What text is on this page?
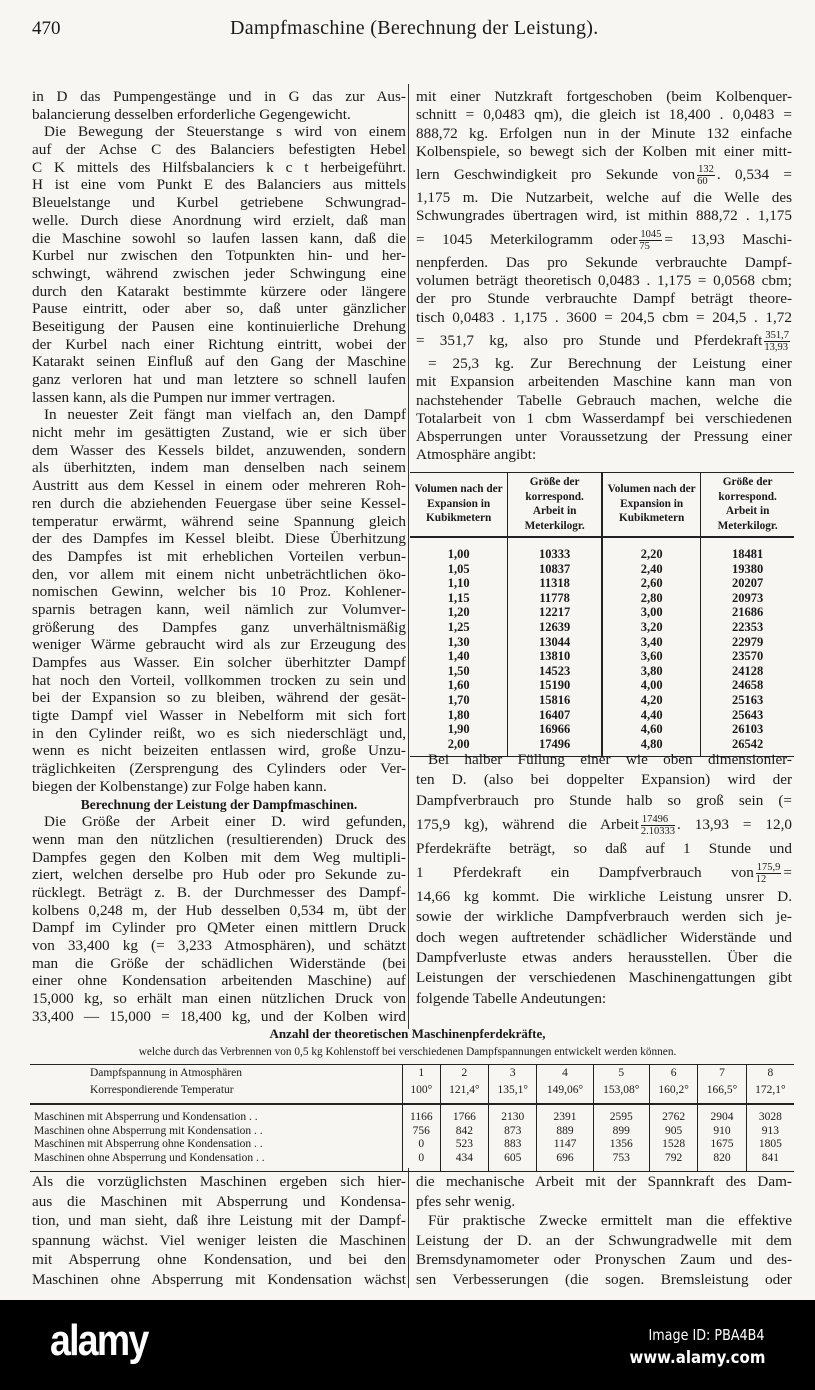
470	Dampfmaschine (Berechnung der Leistung).
in D das Pumpengestänge und in G das zur Aus-
balancierung desselben erforderliche Gegengewicht.
Die Bewegung der Steuerstange s wird von einem
auf der Achse C des Balanciers befestigten Hebel
C K mittels des Hilfsbalanciers k c t herbeigeführt.
H ist eine vom Punkt E des Balanciers aus mittels
Bleuelstange und Kurbel getriebene Schwungrad-
welle. Durch diese Anordnung wird erzielt, daß man
die Maschine sowohl so laufen lassen kann, daß die
Kurbel nur zwischen den Totpunkten hin- und her-
schwingt, während zwischen jeder Schwingung eine
durch den Katarakt bestimmte kürzere oder längere
Pause eintritt, oder aber so, daß unter gänzlicher
Beseitigung der Pausen eine kontinuierliche Drehung
der Kurbel nach einer Richtung eintritt, wobei der
Katarakt seinen Einfluß auf den Gang der Maschine
ganz verloren hat und man letztere so schnell laufen
lassen kann, als die Pumpen nur immer vertragen.
In neuester Zeit fängt man vielfach an, den Dampf
nicht mehr im gesättigten Zustand, wie er sich über
dem Wasser des Kessels bildet, anzuwenden, sondern
als überhitzten, indem man denselben nach seinem
Austritt aus dem Kessel in einem oder mehreren Roh-
ren durch die abziehenden Feuergase über seine Kessel-
temperatur erwärmt, während seine Spannung gleich
der des Dampfes im Kessel bleibt. Diese Überhitzung
des Dampfes ist mit erheblichen Vorteilen verbun-
den, vor allem mit einem nicht unbeträchtlichen öko-
nomischen Gewinn, welcher bis 10 Proz. Kohlener-
sparnis betragen kann, weil nämlich zur Volumver-
größerung des Dampfes ganz unverhältnismäßig
weniger Wärme gebraucht wird als zur Erzeugung des
Dampfes aus Wasser. Ein solcher überhitzter Dampf
hat noch den Vorteil, vollkommen trocken zu sein und
bei der Expansion so zu bleiben, während der gesät-
tigte Dampf viel Wasser in Nebelform mit sich fort
in den Cylinder reißt, wo es sich niederschlägt und,
wenn es nicht beizeiten entlassen wird, große Unzu-
träglichkeiten (Zersprengung des Cylinders oder Ver-
biegen der Kolbenstange) zur Folge haben kann.
Berechnung der Leistung der Dampfmaschinen.
Die Größe der Arbeit einer D. wird gefunden,
wenn man den nützlichen (resultierenden) Druck des
Dampfes gegen den Kolben mit dem Weg multipli-
ziert, welchen derselbe pro Hub oder pro Sekunde zu-
rücklegt. Beträgt z. B. der Durchmesser des Dampf-
kolbens 0,248 m, der Hub desselben 0,534 m, übt der
Dampf im Cylinder pro QMeter einen mittlern Druck
von 33,400 kg (= 3,233 Atmosphären), und schätzt
man die Größe der schädlichen Widerstände (bei
einer ohne Kondensation arbeitenden Maschine) auf
15,000 kg, so erhält man einen nützlichen Druck von
33,400 — 15,000 = 18,400 kg, und der Kolben wird
mit einer Nutzkraft fortgeschoben (beim Kolbenquer-
schnitt = 0,0483 qm), die gleich ist 18,400 . 0,0483 =
888,72 kg. Erfolgen nun in der Minute 132 einfache
Kolbenspiele, so bewegt sich der Kolben mit einer mitt-
lern Geschwindigkeit pro Sekunde von $\frac{132}{60}$ . 0,534 =
1,175 m. Die Nutzarbeit, welche auf die Welle des
Schwungrades übertragen wird, ist mithin 888,72 . 1,175
= 1045 Meterkilogramm oder $\frac{1045}{75} = 13,93$ Maschi-
nenpferden. Das pro Sekunde verbrauchte Dampf-
volumen beträgt theoretisch 0,0483 . 1,175 = 0,0568 cbm;
der pro Stunde verbrauchte Dampf beträgt theore-
tisch 0,0483 . 1,175 . 3600 = 204,5 cbm = 204,5 . 1,72
= 351,7 kg, also pro Stunde und Pferdekraft $\frac{351,7}{13,93}$
= 25,3 kg. Zur Berechnung der Leistung einer
mit Expansion arbeitenden Maschine kann man von
nachstehender Tabelle Gebrauch machen, welche die
Totalarbeit von 1 cbm Wasserdampf bei verschiedenen
Absperrungen unter Voraussetzung der Pressung einer
Atmosphäre angibt:
Volumen nach der Expansion in Kubikmetern	Größe der korrespond. Arbeit in Meterkilogr.	Volumen nach der Expansion in Kubikmetern	Größe der korrespond. Arbeit in Meterkilogr.
1,00	10333	2,20	18481
1,05	10837	2,40	19380
1,10	11318	2,60	20207
1,15	11778	2,80	20973
1,20	12217	3,00	21686
1,25	12639	3,20	22353
1,30	13044	3,40	22979
1,40	13810	3,60	23570
1,50	14523	3,80	24128
1,60	15190	4,00	24658
1,70	15816	4,20	25163
1,80	16407	4,40	25643
1,90	16966	4,60	26103
2,00	17496	4,80	26542
Bei halber Füllung einer wie oben dimensionier-
ten D. (also bei doppelter Expansion) wird der
Dampfverbrauch pro Stunde halb so groß sein (=
175,9 kg), während die Arbeit $\frac{17496}{2.10333}$ . 13,93 = 12,0
Pferdekräfte beträgt, so daß auf 1 Stunde und
1 Pferdekraft ein Dampfverbrauch von $\frac{175,9}{12}$ =
14,66 kg kommt. Die wirkliche Leistung unsrer D.
sowie der wirkliche Dampfverbrauch werden sich je-
doch wegen auftretender schädlicher Widerstände und
Dampfverluste etwas anders herausstellen. Über die
Leistungen der verschiedenen Maschinengattungen gibt
folgende Tabelle Andeutungen:
Anzahl der theoretischen Maschinenpferdekräfte,
welche durch das Verbrennen von 0,5 kg Kohlenstoff bei verschiedenen Dampfspannungen entwickelt werden können.
Dampfspannung in Atmosphären	1	2	3	4	5	6	7	8
Korrespondierende Temperatur	100°	121,4°	135,1°	149,06°	153,08°	160,2°	166,5°	172,1°
Maschinen mit Absperrung und Kondensation . .	1166	1766	2130	2391	2595	2762	2904	3028
Maschinen ohne Absperrung mit Kondensation . .	756	842	873	889	899	905	910	913
Maschinen mit Absperrung ohne Kondensation . .	0	523	883	1147	1356	1528	1675	1805
Maschinen ohne Absperrung und Kondensation . .	0	434	605	696	753	792	820	841
Als die vorzüglichsten Maschinen ergeben sich hier-
aus die Maschinen mit Absperrung und Kondensa-
tion, und man sieht, daß ihre Leistung mit der Dampf-
spannung wächst. Viel weniger leisten die Maschinen
mit Absperrung ohne Kondensation, und bei den
Maschinen ohne Absperrung mit Kondensation wächst
die mechanische Arbeit mit der Spannkraft des Dam-
pfes sehr wenig.
Für praktische Zwecke ermittelt man die effektive
Leistung der D. an der Schwungradwelle mit dem
Bremsdynamometer oder Pronyschen Zaum und des-
sen Verbesserungen (die sogen. Bremsleistung oder
alamy	Image ID: PBA4B4
www.alamy.com
